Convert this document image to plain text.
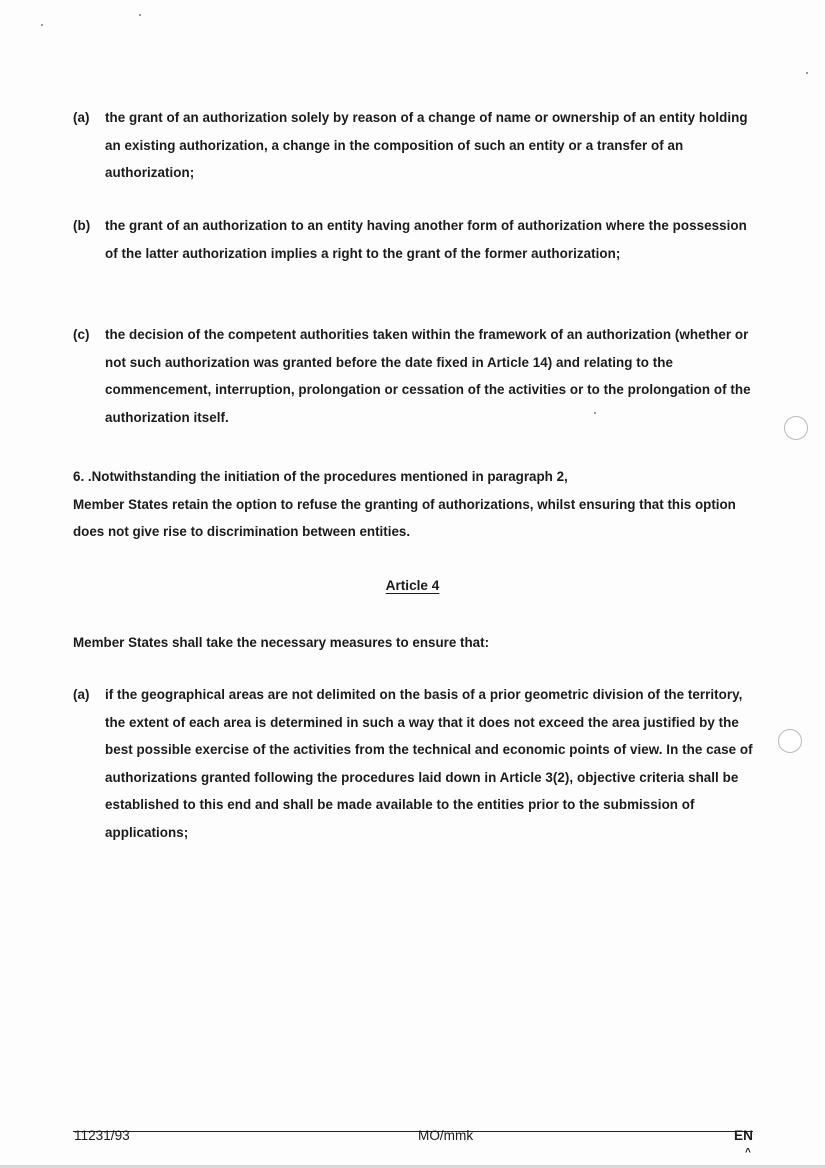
(a)	the grant of an authorization solely by reason of a change of name or ownership of an entity holding an existing authorization, a change in the composition of such an entity or a transfer of an authorization;
(b)	the grant of an authorization to an entity having another form of authorization where the possession of the latter authorization implies a right to the grant of the former authorization;
(c)	the decision of the competent authorities taken within the framework of an authorization (whether or not such authorization was granted before the date fixed in Article 14) and relating to the commencement, interruption, prolongation or cessation of the activities or to the prolongation of the authorization itself.
6. .Notwithstanding the initiation of the procedures mentioned in paragraph 2,
Member States retain the option to refuse the granting of authorizations, whilst ensuring that this option does not give rise to discrimination between entities.
Article 4
Member States shall take the necessary measures to ensure that:
(a)	if the geographical areas are not delimited on the basis of a prior geometric division of the territory, the extent of each area is determined in such a way that it does not exceed the area justified by the best possible exercise of the activities from the technical and economic points of view. In the case of authorizations granted following the procedures laid down in Article 3(2), objective criteria shall be established to this end and shall be made available to the entities prior to the submission of applications;
11231/93	MO/mmk	EN
^
